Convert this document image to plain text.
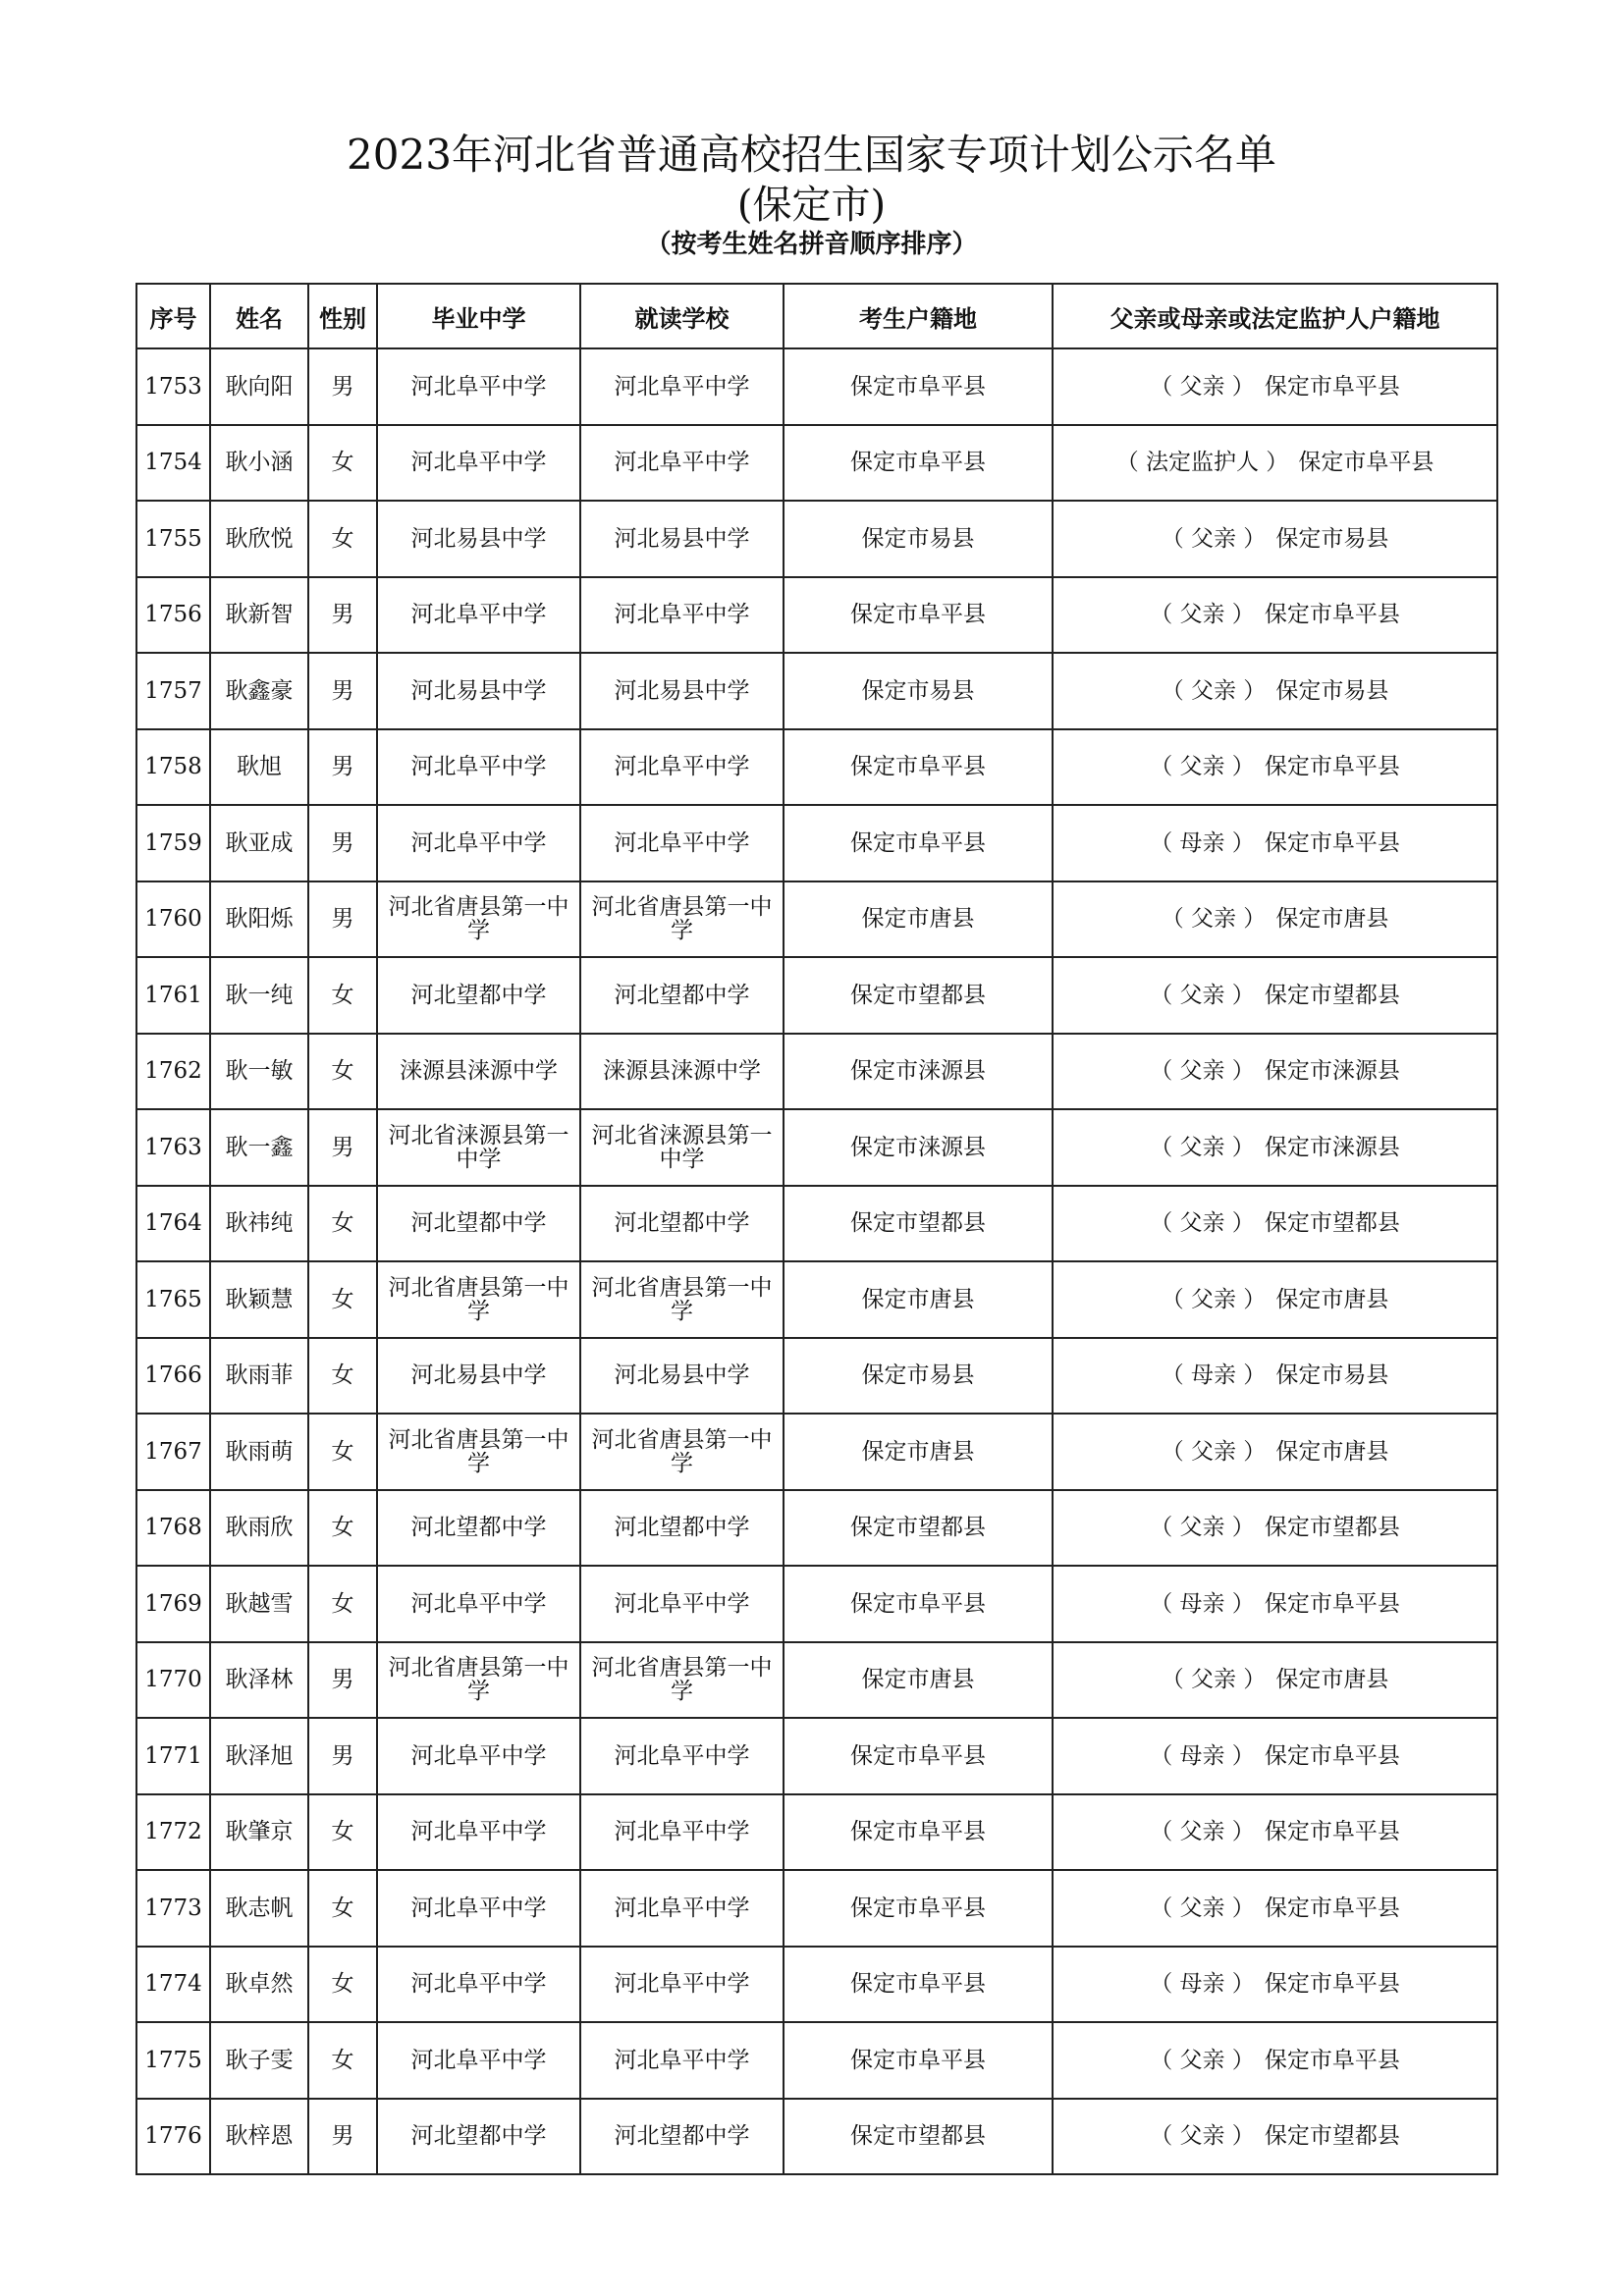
2023年河北省普通高校招生国家专项计划公示名单
(保定市)
（按考生姓名拼音顺序排序）
序号	姓名	性别	毕业中学	就读学校	考生户籍地	父亲或母亲或法定监护人户籍地
1753	耿向阳	男	河北阜平中学	河北阜平中学	保定市阜平县	（ 父亲 ） 保定市阜平县
1754	耿小涵	女	河北阜平中学	河北阜平中学	保定市阜平县	（ 法定监护人 ） 保定市阜平县
1755	耿欣悦	女	河北易县中学	河北易县中学	保定市易县	（ 父亲 ） 保定市易县
1756	耿新智	男	河北阜平中学	河北阜平中学	保定市阜平县	（ 父亲 ） 保定市阜平县
1757	耿鑫豪	男	河北易县中学	河北易县中学	保定市易县	（ 父亲 ） 保定市易县
1758	耿旭	男	河北阜平中学	河北阜平中学	保定市阜平县	（ 父亲 ） 保定市阜平县
1759	耿亚成	男	河北阜平中学	河北阜平中学	保定市阜平县	（ 母亲 ） 保定市阜平县
1760	耿阳烁	男	河北省唐县第一中学	河北省唐县第一中学	保定市唐县	（ 父亲 ） 保定市唐县
1761	耿一纯	女	河北望都中学	河北望都中学	保定市望都县	（ 父亲 ） 保定市望都县
1762	耿一敏	女	涞源县涞源中学	涞源县涞源中学	保定市涞源县	（ 父亲 ） 保定市涞源县
1763	耿一鑫	男	河北省涞源县第一中学	河北省涞源县第一中学	保定市涞源县	（ 父亲 ） 保定市涞源县
1764	耿祎纯	女	河北望都中学	河北望都中学	保定市望都县	（ 父亲 ） 保定市望都县
1765	耿颖慧	女	河北省唐县第一中学	河北省唐县第一中学	保定市唐县	（ 父亲 ） 保定市唐县
1766	耿雨菲	女	河北易县中学	河北易县中学	保定市易县	（ 母亲 ） 保定市易县
1767	耿雨萌	女	河北省唐县第一中学	河北省唐县第一中学	保定市唐县	（ 父亲 ） 保定市唐县
1768	耿雨欣	女	河北望都中学	河北望都中学	保定市望都县	（ 父亲 ） 保定市望都县
1769	耿越雪	女	河北阜平中学	河北阜平中学	保定市阜平县	（ 母亲 ） 保定市阜平县
1770	耿泽林	男	河北省唐县第一中学	河北省唐县第一中学	保定市唐县	（ 父亲 ） 保定市唐县
1771	耿泽旭	男	河北阜平中学	河北阜平中学	保定市阜平县	（ 母亲 ） 保定市阜平县
1772	耿肇京	女	河北阜平中学	河北阜平中学	保定市阜平县	（ 父亲 ） 保定市阜平县
1773	耿志帆	女	河北阜平中学	河北阜平中学	保定市阜平县	（ 父亲 ） 保定市阜平县
1774	耿卓然	女	河北阜平中学	河北阜平中学	保定市阜平县	（ 母亲 ） 保定市阜平县
1775	耿子雯	女	河北阜平中学	河北阜平中学	保定市阜平县	（ 父亲 ） 保定市阜平县
1776	耿梓恩	男	河北望都中学	河北望都中学	保定市望都县	（ 父亲 ） 保定市望都县
